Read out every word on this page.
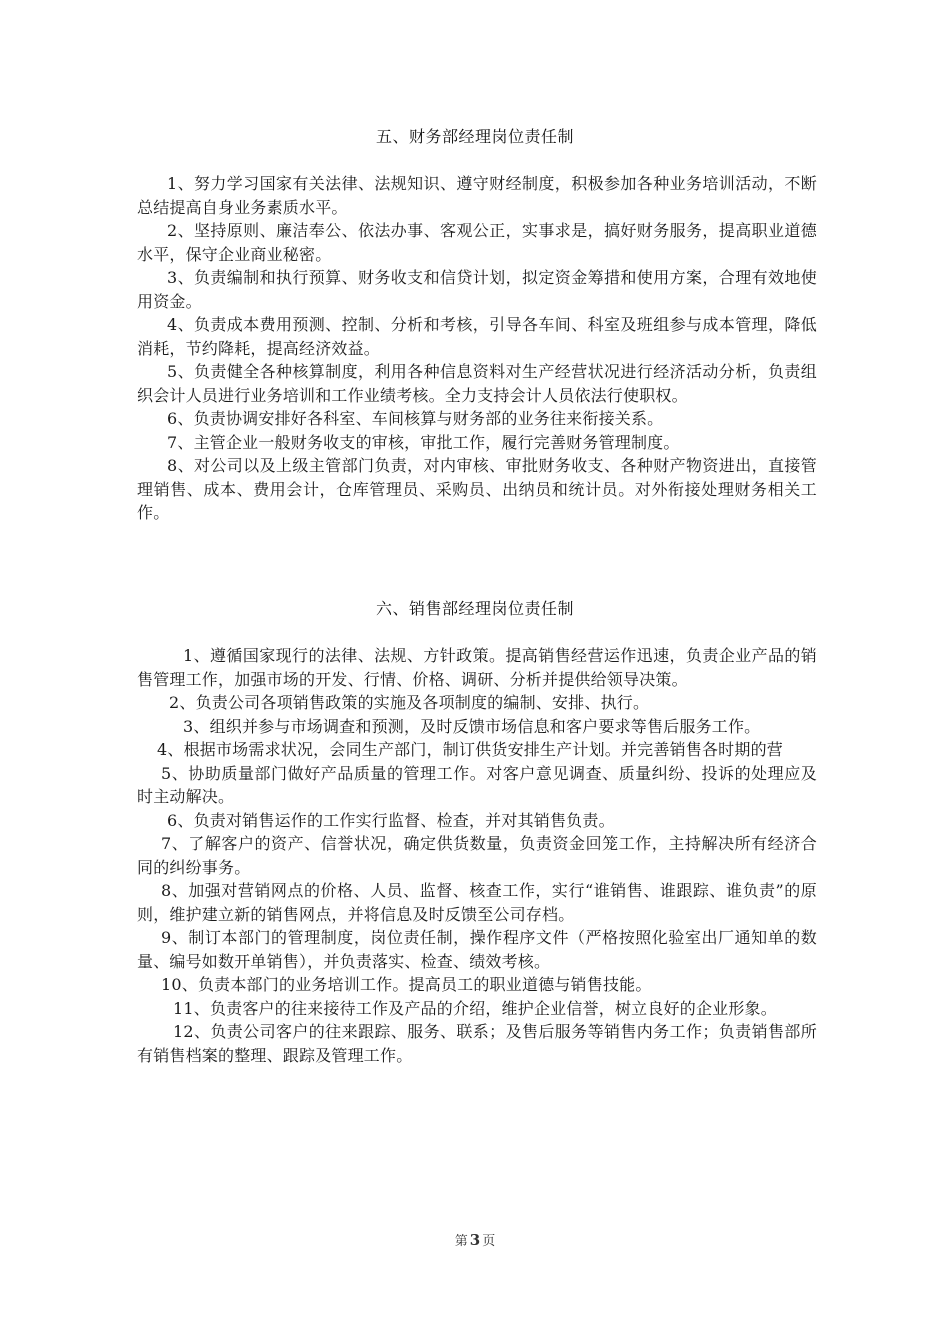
五、财务部经理岗位责任制

1、努力学习国家有关法律、法规知识、遵守财经制度，积极参加各种业务培训活动，不断总结提高自身业务素质水平。

2、坚持原则、廉洁奉公、依法办事、客观公正，实事求是，搞好财务服务，提高职业道德水平，保守企业商业秘密。

3、负责编制和执行预算、财务收支和信贷计划，拟定资金筹措和使用方案，合理有效地使用资金。

4、负责成本费用预测、控制、分析和考核，引导各车间、科室及班组参与成本管理，降低消耗，节约降耗，提高经济效益。

5、负责健全各种核算制度，利用各种信息资料对生产经营状况进行经济活动分析，负责组织会计人员进行业务培训和工作业绩考核。全力支持会计人员依法行使职权。

6、负责协调安排好各科室、车间核算与财务部的业务往来衔接关系。

7、主管企业一般财务收支的审核，审批工作，履行完善财务管理制度。

8、对公司以及上级主管部门负责，对内审核、审批财务收支、各种财产物资进出，直接管理销售、成本、费用会计，仓库管理员、采购员、出纳员和统计员。对外衔接处理财务相关工作。

六、销售部经理岗位责任制

1、遵循国家现行的法律、法规、方针政策。提高销售经营运作迅速，负责企业产品的销售管理工作，加强市场的开发、行情、价格、调研、分析并提供给领导决策。

2、负责公司各项销售政策的实施及各项制度的编制、安排、执行。

3、组织并参与市场调查和预测，及时反馈市场信息和客户要求等售后服务工作。

4、根据市场需求状况，会同生产部门，制订供货安排生产计划。并完善销售各时期的营

5、协助质量部门做好产品质量的管理工作。对客户意见调查、质量纠纷、投诉的处理应及时主动解决。

6、负责对销售运作的工作实行监督、检查，并对其销售负责。

7、了解客户的资产、信誉状况，确定供货数量，负责资金回笼工作，主持解决所有经济合同的纠纷事务。

8、加强对营销网点的价格、人员、监督、核查工作，实行“谁销售、谁跟踪、谁负责”的原则，维护建立新的销售网点，并将信息及时反馈至公司存档。

9、制订本部门的管理制度，岗位责任制，操作程序文件（严格按照化验室出厂通知单的数量、编号如数开单销售），并负责落实、检查、绩效考核。

10、负责本部门的业务培训工作。提高员工的职业道德与销售技能。

11、负责客户的往来接待工作及产品的介绍，维护企业信誉，树立良好的企业形象。

12、负责公司客户的往来跟踪、服务、联系；及售后服务等销售内务工作；负责销售部所有销售档案的整理、跟踪及管理工作。

第 3 页
